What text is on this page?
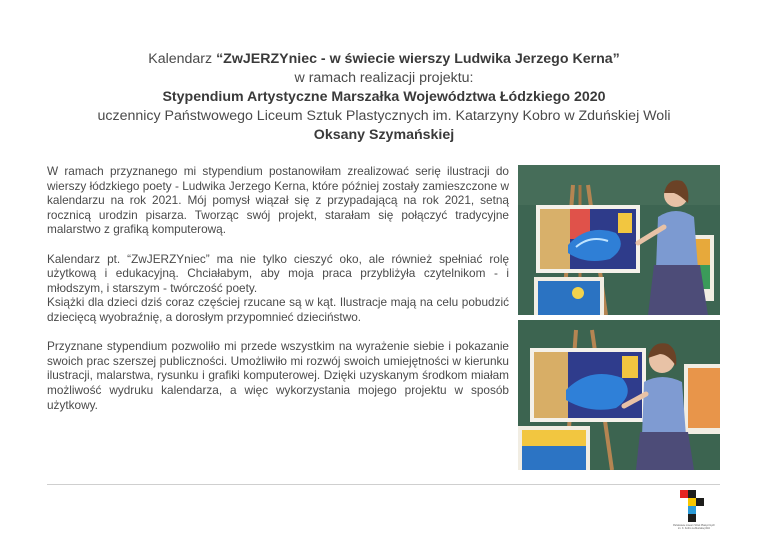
Kalendarz “ZwJERZYniec - w świecie wierszy Ludwika Jerzego Kerna”
w ramach realizacji projektu:
Stypendium Artystyczne Marszałka Województwa Łódzkiego 2020
uczennicy Państwowego Liceum Sztuk Plastycznych im. Katarzyny Kobro w Zduńskiej Woli
Oksany Szymańskiej

W ramach przyznanego mi stypendium postanowiłam zrealizować serię ilustracji do wierszy łódzkiego poety - Ludwika Jerzego Kerna, które później zostały zamieszczone w kalendarzu na rok 2021. Mój pomysł wiązał się z przypadającą na rok 2021, setną rocznicą urodzin pisarza. Tworząc swój projekt, starałam się połączyć tradycyjne malarstwo z grafiką komputerową.

Kalendarz pt. “ZwJERZYniec” ma nie tylko cieszyć oko, ale również spełniać rolę użytkową i edukacyjną. Chciałabym, aby moja praca przybliżyła czytelnikom - i młodszym, i starszym - twórczość poety.

Książki dla dzieci dziś coraz częściej rzucane są w kąt. Ilustracje mają na celu pobudzić dziecięcą wyobraźnię, a dorosłym przypomnieć dzieciństwo.

Przyznane stypendium pozwoliło mi przede wszystkim na wyrażenie siebie i pokazanie swoich prac szerszej publiczności. Umożliwiło mi rozwój swoich umiejętności w kierunku ilustracji, malarstwa, rysunku i grafiki komputerowej. Dzięki uzyskanym środkom miałam możliwość wydruku kalendarza, a więc wykorzystania mojego projektu w sposób użytkowy.

Państwowe Liceum Sztuk Plastycznych im. K. Kobro w Zduńskiej Woli
